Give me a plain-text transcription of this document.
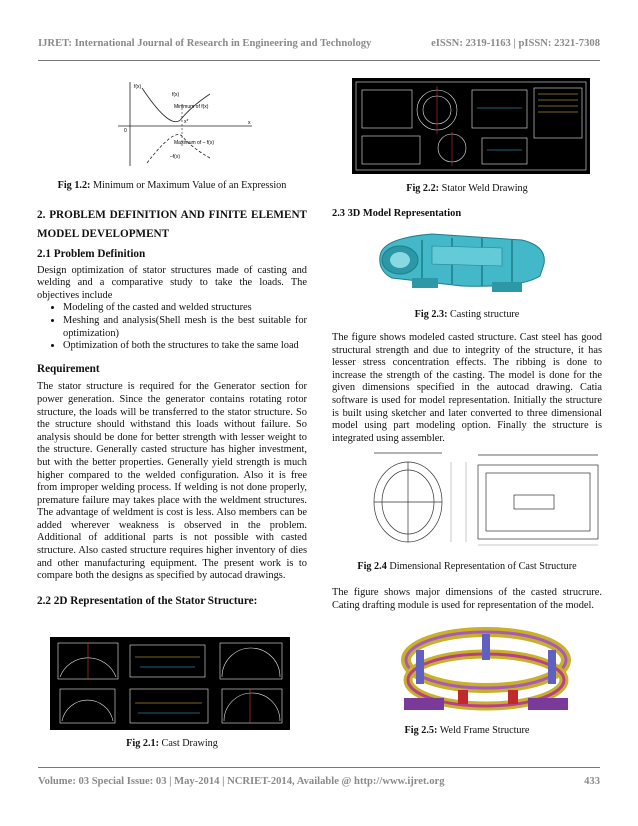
IJRET: International Journal of Research in Engineering and Technology	eISSN: 2319-1163 | pISSN: 2321-7308
f(x)
f(x)
Minimum of f(x)
x*
Maximum of – f(x)
–f(x)
0
x
Fig 1.2: Minimum or Maximum Value of an Expression
2. PROBLEM DEFINITION AND FINITE ELEMENT MODEL DEVELOPMENT
2.1 Problem Definition

Design optimization of stator structures made of casting and welding and a comparative study to take the loads. The objectives include

• Modeling of the casted and welded structures
• Meshing and analysis(Shell mesh is the best suitable for optimization)
• Optimization of both the structures to take the same load
Requirement

The stator structure is required for the Generator section for power generation. Since the generator contains rotating rotor structure, the loads will be transferred to the stator structure. So the structure should withstand this loads without failure. So analysis should be done for better strength with lesser weight to the structure. Generally casted structure has higher investment, but with the better properties. Generally yield strength is much higher compared to the welded configuration. Also it is free from improper welding process. If welding is not done properly, premature failure may takes place with the weldment structures. The advantage of weldment is cost is less. Also members can be added wherever weakness is observed in the problem. Additional of additional parts is not possible with casted structure. Also casted structure requires higher inventory of dies and other manufacturing equipment. The present work is to compare both the designs as specified by autocad drawings.

2.2 2D Representation of the Stator Structure:
Fig 2.1: Cast Drawing
Fig 2.2: Stator Weld Drawing
2.3 3D Model Representation
Fig 2.3: Casting structure

The figure shows modeled casted structure. Cast steel has good structural strength and due to integrity of the structure, it has lesser stress concentration effects. The ribbing is done to increase the strength of the casting. The model is done for the given dimensions specified in the autocad drawing. Catia software is used for model representation. Initially the structure is built using sketcher and later converted to three dimensional model using part modeling option. Finally the structure is integrated using assembler.

Fig 2.4 Dimensional Representation of Cast Structure

The figure shows major dimensions of the casted strucrure. Cating drafting module is used for representation of the model.

Fig 2.5: Weld Frame Structure
Volume: 03 Special Issue: 03 | May-2014 | NCRIET-2014, Available @ http://www.ijret.org	433
